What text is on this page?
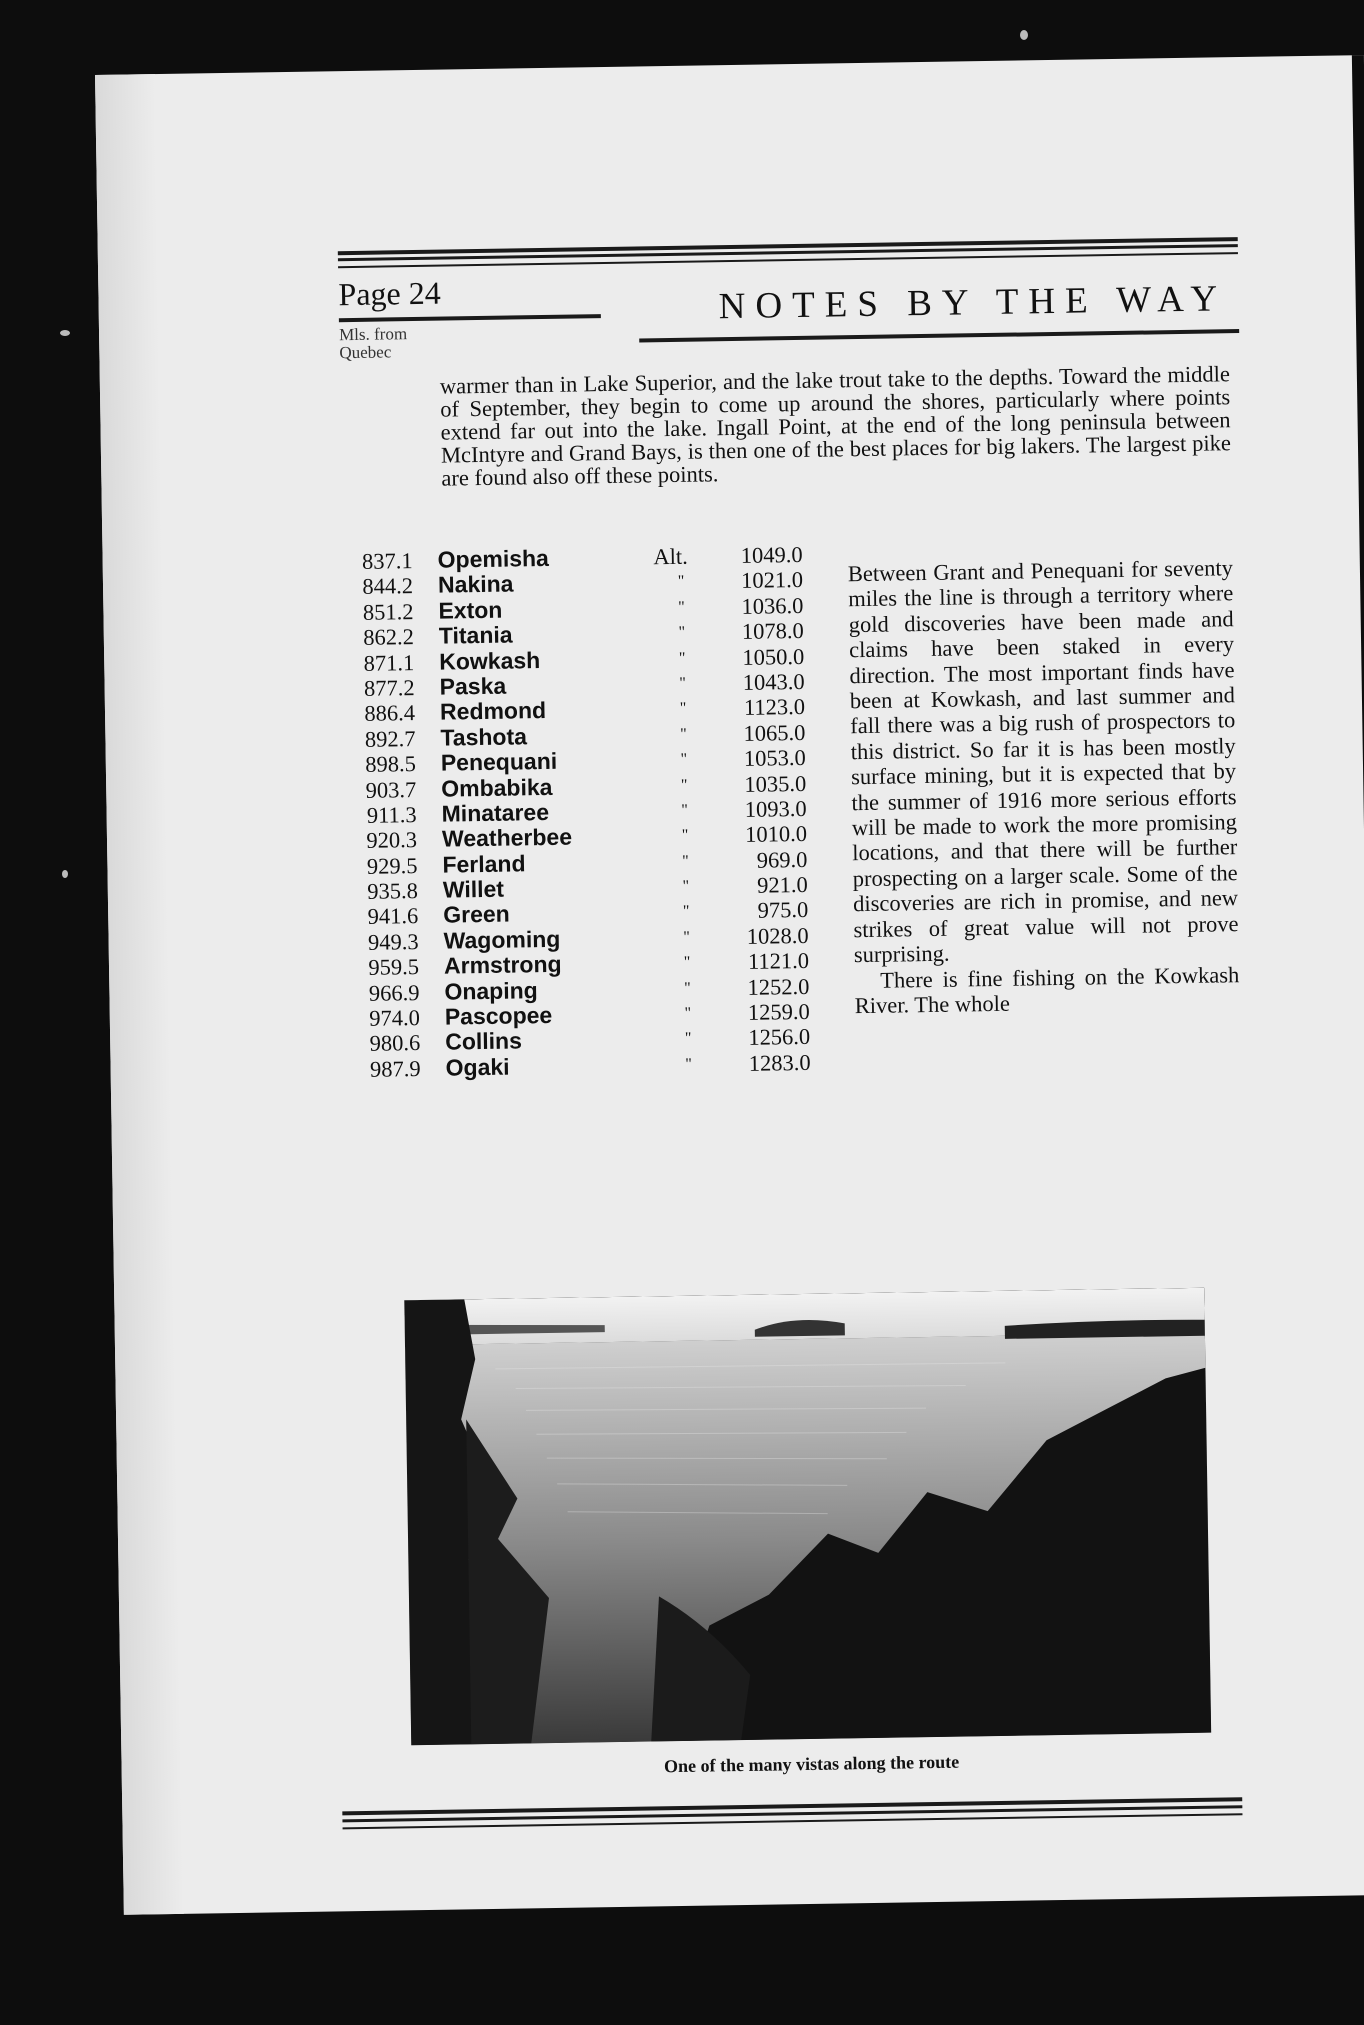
Page 24	NOTES BY THE WAY
Mls. from
Quebec
warmer than in Lake Superior, and the lake trout take to the depths. Toward the middle of September, they begin to come up around the shores, particularly where points extend far out into the lake. Ingall Point, at the end of the long peninsula between McIntyre and Grand Bays, is then one of the best places for big lakers. The largest pike are found also off these points.
837.1 Opemisha	Alt.	1049.0
844.2 Nakina	"	1021.0
851.2 Exton	"	1036.0
862.2 Titania	"	1078.0
871.1 Kowkash	"	1050.0
877.2 Paska	"	1043.0
886.4 Redmond	"	1123.0
892.7 Tashota	"	1065.0
898.5 Penequani	"	1053.0
903.7 Ombabika	"	1035.0
911.3 Minataree	"	1093.0
920.3 Weatherbee	"	1010.0
929.5 Ferland	"	969.0
935.8 Willet	"	921.0
941.6 Green	"	975.0
949.3 Wagoming	"	1028.0
959.5 Armstrong	"	1121.0
966.9 Onaping	"	1252.0
974.0 Pascopee	"	1259.0
980.6 Collins	"	1256.0
987.9 Ogaki	"	1283.0

Between Grant and Penequani for seventy miles the line is through a territory where gold discoveries have been made and claims have been staked in every direction. The most important finds have been at Kowkash, and last summer and fall there was a big rush of prospectors to this district. So far it is has been mostly surface mining, but it is expected that by the summer of 1916 more serious efforts will be made to work the more promising locations, and that there will be further prospecting on a larger scale. Some of the discoveries are rich in promise, and new strikes of great value will not prove surprising.

There is fine fishing on the Kowkash River. The whole

One of the many vistas along the route
